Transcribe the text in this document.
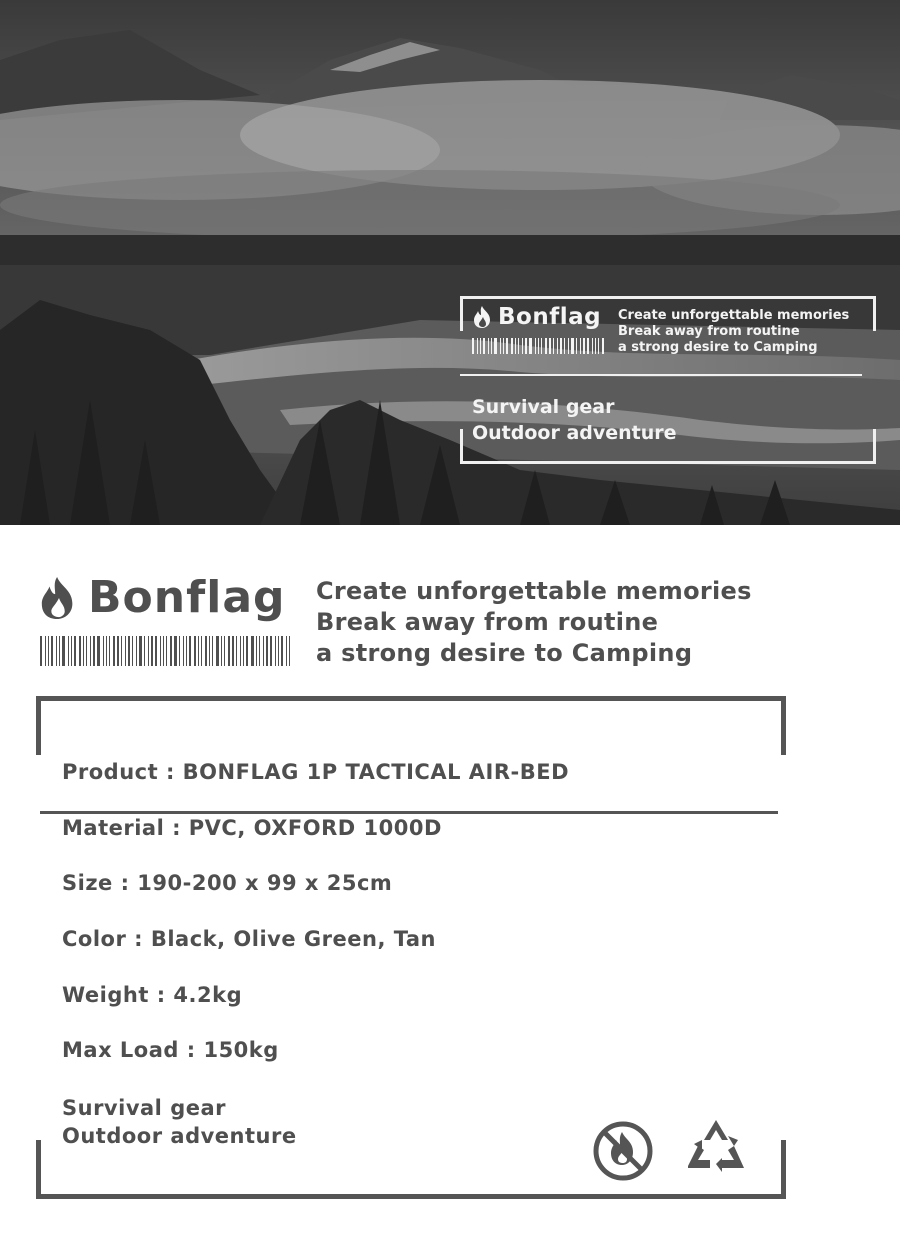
Bonflag Create unforgettable memories
Break away from routine
a strong desire to Camping
Survival gear
Outdoor adventure
Bonflag Create unforgettable memories
Break away from routine
a strong desire to Camping
Product : BONFLAG 1P TACTICAL AIR-BED
Material : PVC, OXFORD 1000D
Size : 190-200 x 99 x 25cm
Color : Black, Olive Green, Tan
Weight : 4.2kg
Max Load : 150kg
Survival gear
Outdoor adventure
